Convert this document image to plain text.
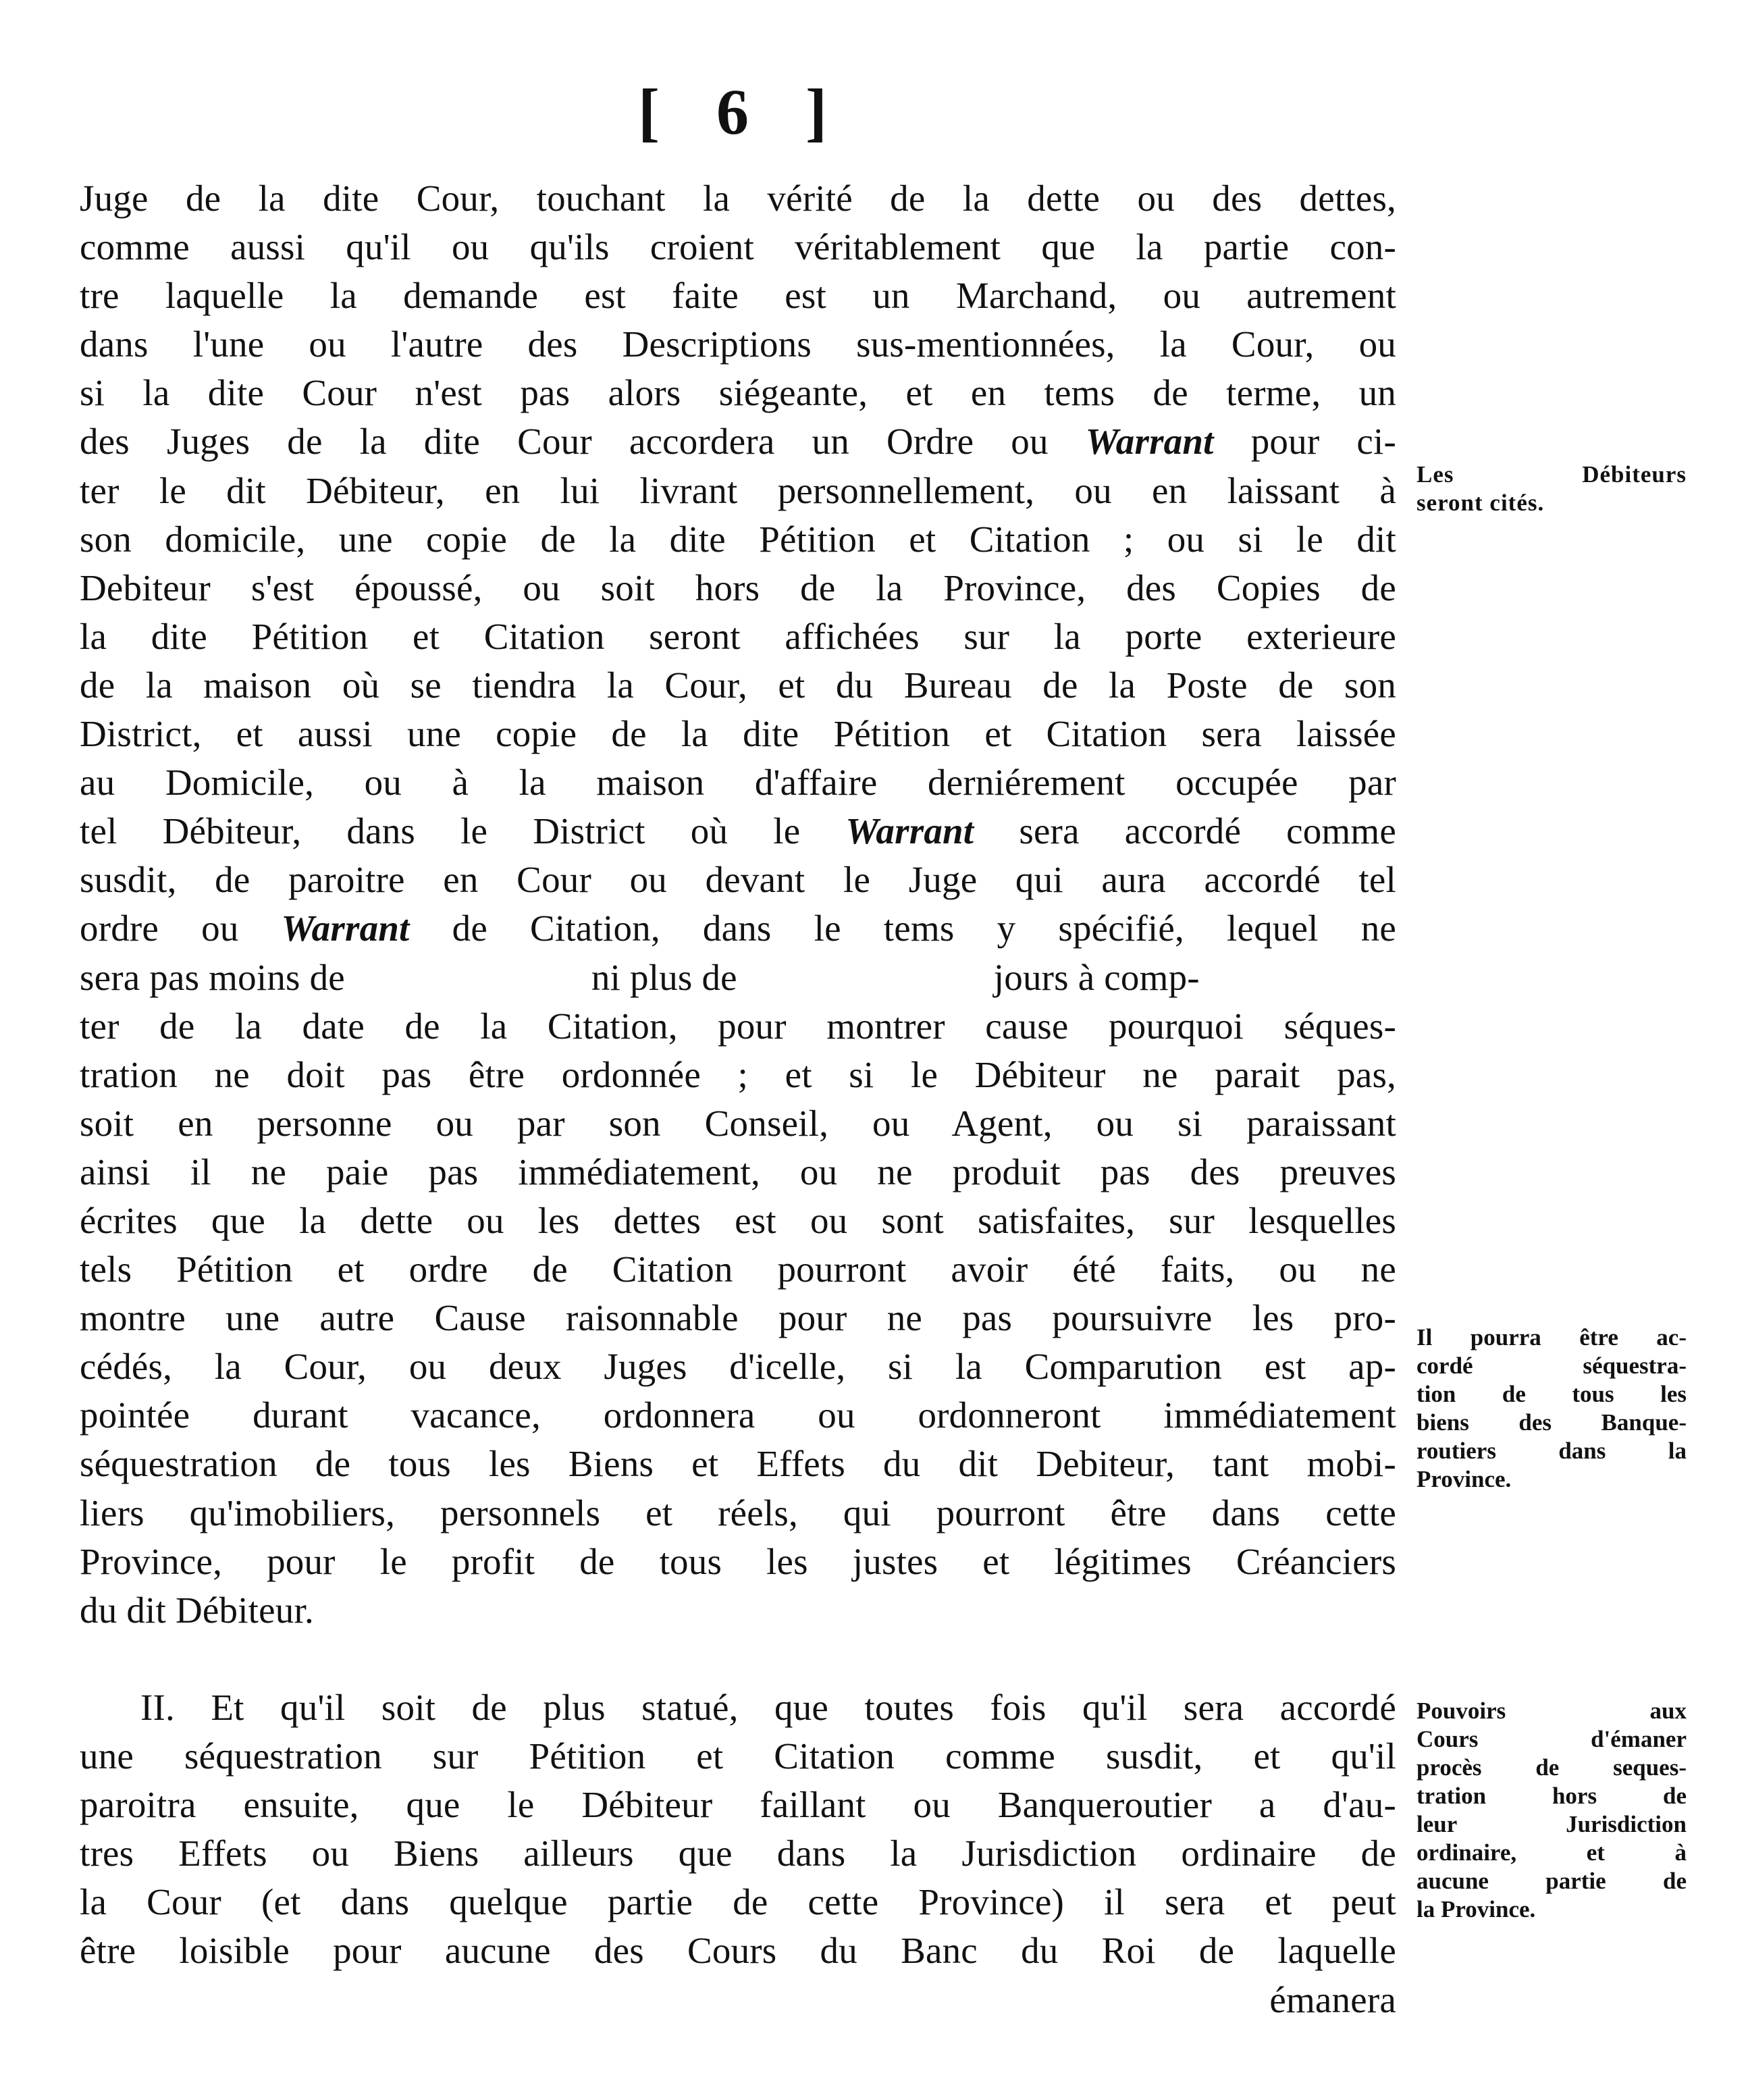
[ 6 ]
Juge de la dite Cour, touchant la vérité de la dette ou des dettes,
comme aussi qu'il ou qu'ils croient véritablement que la partie con-
tre laquelle la demande est faite est un Marchand, ou autrement
dans l'une ou l'autre des Descriptions sus-mentionnées, la Cour, ou
si la dite Cour n'est pas alors siégeante, et en tems de terme, un
des Juges de la dite Cour accordera un Ordre ou Warrant pour ci-
ter le dit Débiteur, en lui livrant personnellement, ou en laissant à
son domicile, une copie de la dite Pétition et Citation ; ou si le dit
Debiteur s'est époussé, ou soit hors de la Province, des Copies de
la dite Pétition et Citation seront affichées sur la porte exterieure
de la maison où se tiendra la Cour, et du Bureau de la Poste de son
District, et aussi une copie de la dite Pétition et Citation sera laissée
au Domicile, ou à la maison d'affaire derniérement occupée par
tel Débiteur, dans le District où le Warrant sera accordé comme
susdit, de paroitre en Cour ou devant le Juge qui aura accordé tel
ordre ou Warrant de Citation, dans le tems y spécifié, lequel ne
sera pas moins de	ni plus de	jours à comp-
ter de la date de la Citation, pour montrer cause pourquoi séques-
tration ne doit pas être ordonnée ; et si le Débiteur ne parait pas,
soit en personne ou par son Conseil, ou Agent, ou si paraissant
ainsi il ne paie pas immédiatement, ou ne produit pas des preuves
écrites que la dette ou les dettes est ou sont satisfaites, sur lesquelles
tels Pétition et ordre de Citation pourront avoir été faits, ou ne
montre une autre Cause raisonnable pour ne pas poursuivre les pro-
cédés, la Cour, ou deux Juges d'icelle, si la Comparution est ap-
pointée durant vacance, ordonnera ou ordonneront immédiatement
séquestration de tous les Biens et Effets du dit Debiteur, tant mobi-
liers qu'imobiliers, personnels et réels, qui pourront être dans cette
Province, pour le profit de tous les justes et légitimes Créanciers
du dit Débiteur.
II. Et qu'il soit de plus statué, que toutes fois qu'il sera accordé
une séquestration sur Pétition et Citation comme susdit, et qu'il
paroitra ensuite, que le Débiteur faillant ou Banqueroutier a d'au-
tres Effets ou Biens ailleurs que dans la Jurisdiction ordinaire de
la Cour (et dans quelque partie de cette Province) il sera et peut
être loisible pour aucune des Cours du Banc du Roi de laquelle
émanera
Les Débiteurs
seront cités.
Il pourra être ac-
cordé séquestra-
tion de tous les
biens des Banque-
routiers dans la
Province.
Pouvoirs aux
Cours d'émaner
procès de seques-
tration hors de
leur Jurisdiction
ordinaire, et à
aucune partie de
la Province.
